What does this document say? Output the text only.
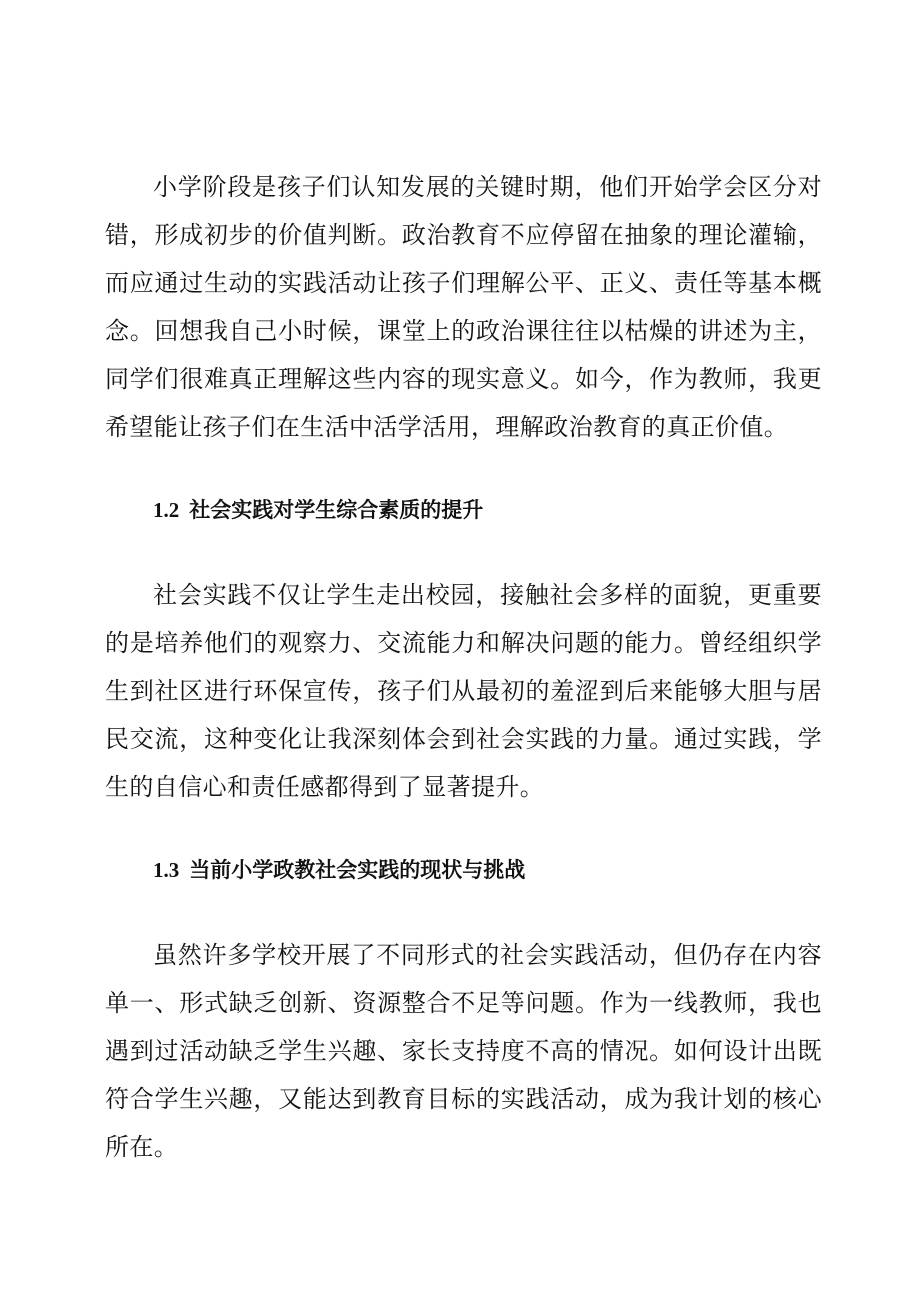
小学阶段是孩子们认知发展的关键时期，他们开始学会区分对错，形成初步的价值判断。政治教育不应停留在抽象的理论灌输，而应通过生动的实践活动让孩子们理解公平、正义、责任等基本概念。回想我自己小时候，课堂上的政治课往往以枯燥的讲述为主，同学们很难真正理解这些内容的现实意义。如今，作为教师，我更希望能让孩子们在生活中活学活用，理解政治教育的真正价值。

1.2 社会实践对学生综合素质的提升

社会实践不仅让学生走出校园，接触社会多样的面貌，更重要的是培养他们的观察力、交流能力和解决问题的能力。曾经组织学生到社区进行环保宣传，孩子们从最初的羞涩到后来能够大胆与居民交流，这种变化让我深刻体会到社会实践的力量。通过实践，学生的自信心和责任感都得到了显著提升。

1.3 当前小学政教社会实践的现状与挑战

虽然许多学校开展了不同形式的社会实践活动，但仍存在内容单一、形式缺乏创新、资源整合不足等问题。作为一线教师，我也遇到过活动缺乏学生兴趣、家长支持度不高的情况。如何设计出既符合学生兴趣，又能达到教育目标的实践活动，成为我计划的核心所在。
